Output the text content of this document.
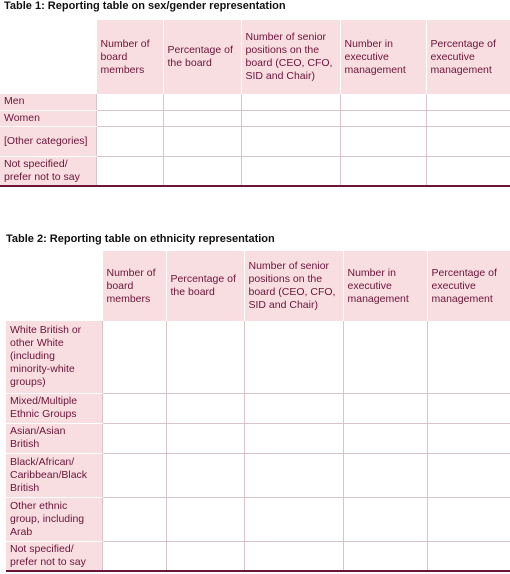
Table 1: Reporting table on sex/gender representation
	Number of board members	Percentage of the board	Number of senior positions on the board (CEO, CFO, SID and Chair)	Number in executive management	Percentage of executive management
Men					
Women					
[Other categories]					
Not specified/ prefer not to say					
Table 2: Reporting table on ethnicity representation
	Number of board members	Percentage of the board	Number of senior positions on the board (CEO, CFO, SID and Chair)	Number in executive management	Percentage of executive management
White British or other White (including minority-white groups)					
Mixed/Multiple Ethnic Groups					
Asian/Asian British					
Black/African/ Caribbean/Black British					
Other ethnic group, including Arab					
Not specified/ prefer not to say					
